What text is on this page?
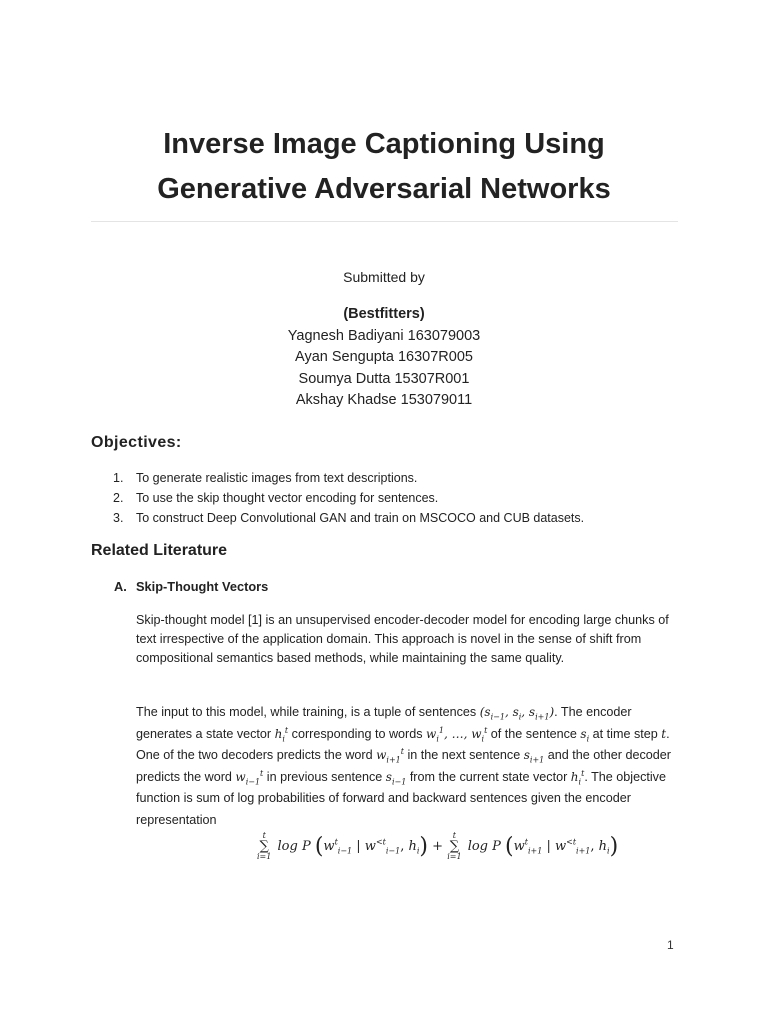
Inverse Image Captioning Using
Generative Adversarial Networks
Submitted by
(Bestfitters)
Yagnesh Badiyani 163079003
Ayan Sengupta 16307R005
Soumya Dutta 15307R001
Akshay Khadse 153079011
Objectives:
1. To generate realistic images from text descriptions.
2. To use the skip thought vector encoding for sentences.
3. To construct Deep Convolutional GAN and train on MSCOCO and CUB datasets.
Related Literature
A. Skip-Thought Vectors
Skip-thought model [1] is an unsupervised encoder-decoder model for encoding large chunks of text irrespective of the application domain. This approach is novel in the sense of shift from compositional semantics based methods, while maintaining the same quality.
The input to this model, while training, is a tuple of sentences ($s_{i-1}$, $s_i$, $s_{i+1}$). The encoder generates a state vector $h_i^t$ corresponding to words $w_i^1$, …, $w_i^t$ of the sentence $s_i$ at time step t. One of the two decoders predicts the word $w_{i+1}^t$ in the next sentence $s_{i+1}$ and the other decoder predicts the word $w_{i-1}^t$ in previous sentence $s_{i-1}$ from the current state vector $h_i^t$. The objective function is sum of log probabilities of forward and backward sentences given the encoder representation
t
∑
i=1
log P ($w^t_{i-1}$ | $w^{<t}_{i-1}$, $h_i$) +
t
∑
i=1
log P ($w^t_{i+1}$ | $w^{<t}_{i+1}$, $h_i$)
1
